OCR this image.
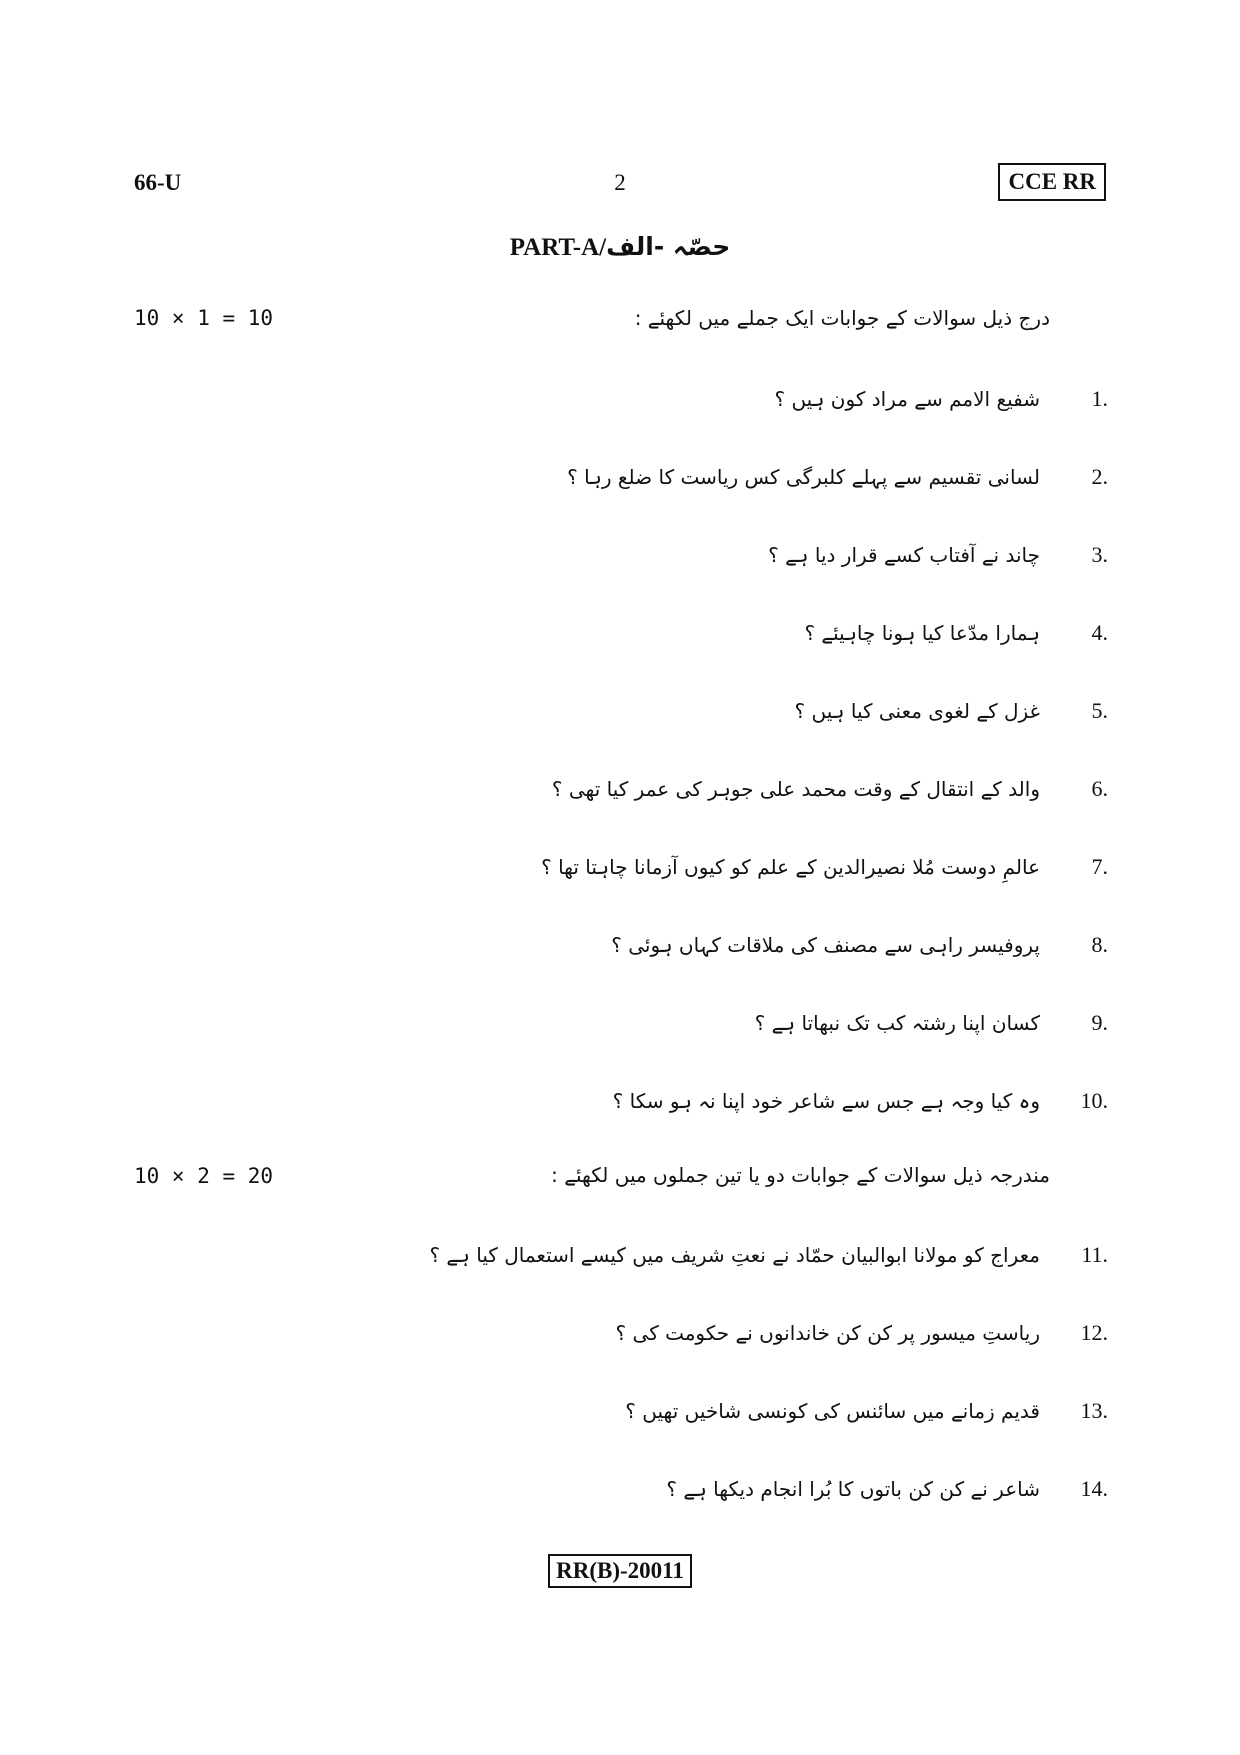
66-U	2	CCE RR
PART-A/حصّہ -الف
10 × 1 = 10	درج ذیل سوالات کے جوابات ایک جملے میں لکھئے :
1.
شفیع الامم سے مراد کون ہیں ؟
2.
لسانی تقسیم سے پہلے کلبرگی کس ریاست کا ضلع رہا ؟
3.
چاند نے آفتاب کسے قرار دیا ہے ؟
4.
ہمارا مدّعا کیا ہونا چاہیئے ؟
5.
غزل کے لغوی معنی کیا ہیں ؟
6.
والد کے انتقال کے وقت محمد علی جوہر کی عمر کیا تھی ؟
7.
عالمِ دوست مُلا نصیرالدین کے علم کو کیوں آزمانا چاہتا تھا ؟
8.
پروفیسر راہی سے مصنف کی ملاقات کہاں ہوئی ؟
9.
کسان اپنا رشتہ کب تک نبھاتا ہے ؟
10.
وہ کیا وجہ ہے جس سے شاعر خود اپنا نہ ہو سکا ؟
10 × 2 = 20	مندرجہ ذیل سوالات کے جوابات دو یا تین جملوں میں لکھئے :
11.
معراج کو مولانا ابوالبیان حمّاد نے نعتِ شریف میں کیسے استعمال کیا ہے ؟
12.
ریاستِ میسور پر کن کن خاندانوں نے حکومت کی ؟
13.
قدیم زمانے میں سائنس کی کونسی شاخیں تھیں ؟
14.
شاعر نے کن کن باتوں کا بُرا انجام دیکھا ہے ؟
RR(B)-20011
